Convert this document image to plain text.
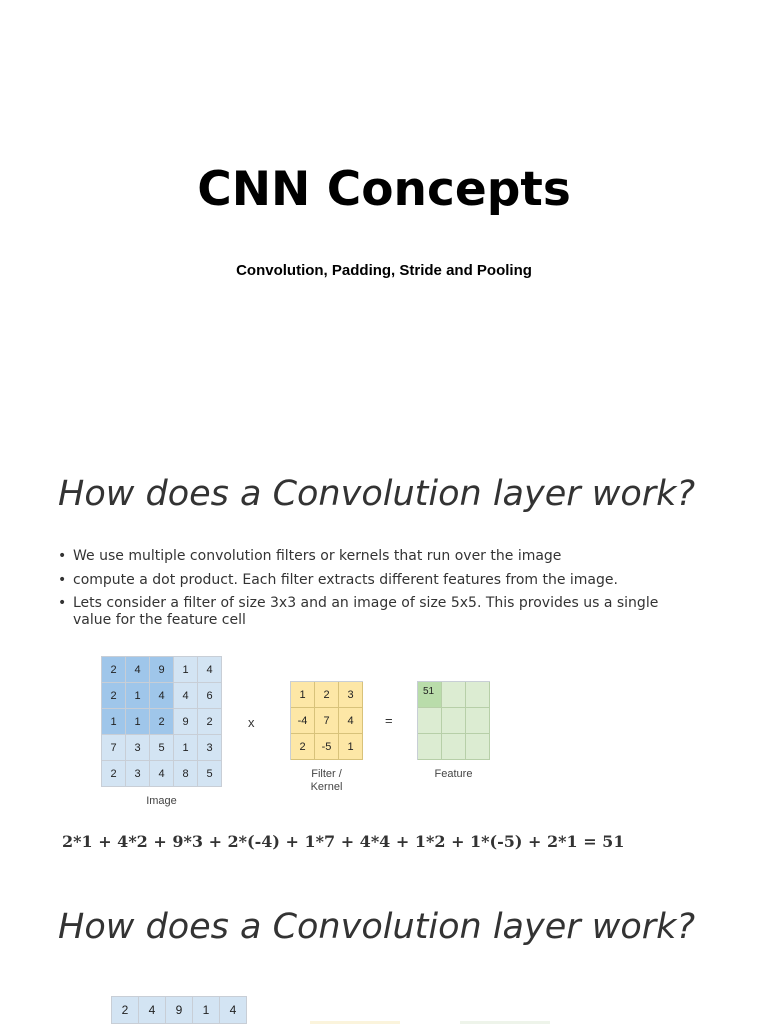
CNN Concepts
Convolution, Padding, Stride and Pooling
How does a Convolution layer work?
• We use multiple convolution filters or kernels that run over the image
• compute a dot product. Each filter extracts different features from the image.
• Lets consider a filter of size 3x3 and an image of size 5x5. This provides us a single value for the feature cell
2	4	9	1	4
2	1	4	4	6
1	1	2	9	2
7	3	5	1	3
2	3	4	8	5
Image
x
1	2	3
-4	7	4
2	-5	1
Filter /
Kernel
=
51
Feature
2*1 + 4*2 + 9*3 + 2*(-4) + 1*7 + 4*4 + 1*2 + 1*(-5) + 2*1 = 51
How does a Convolution layer work?
2	4	9	1	4
